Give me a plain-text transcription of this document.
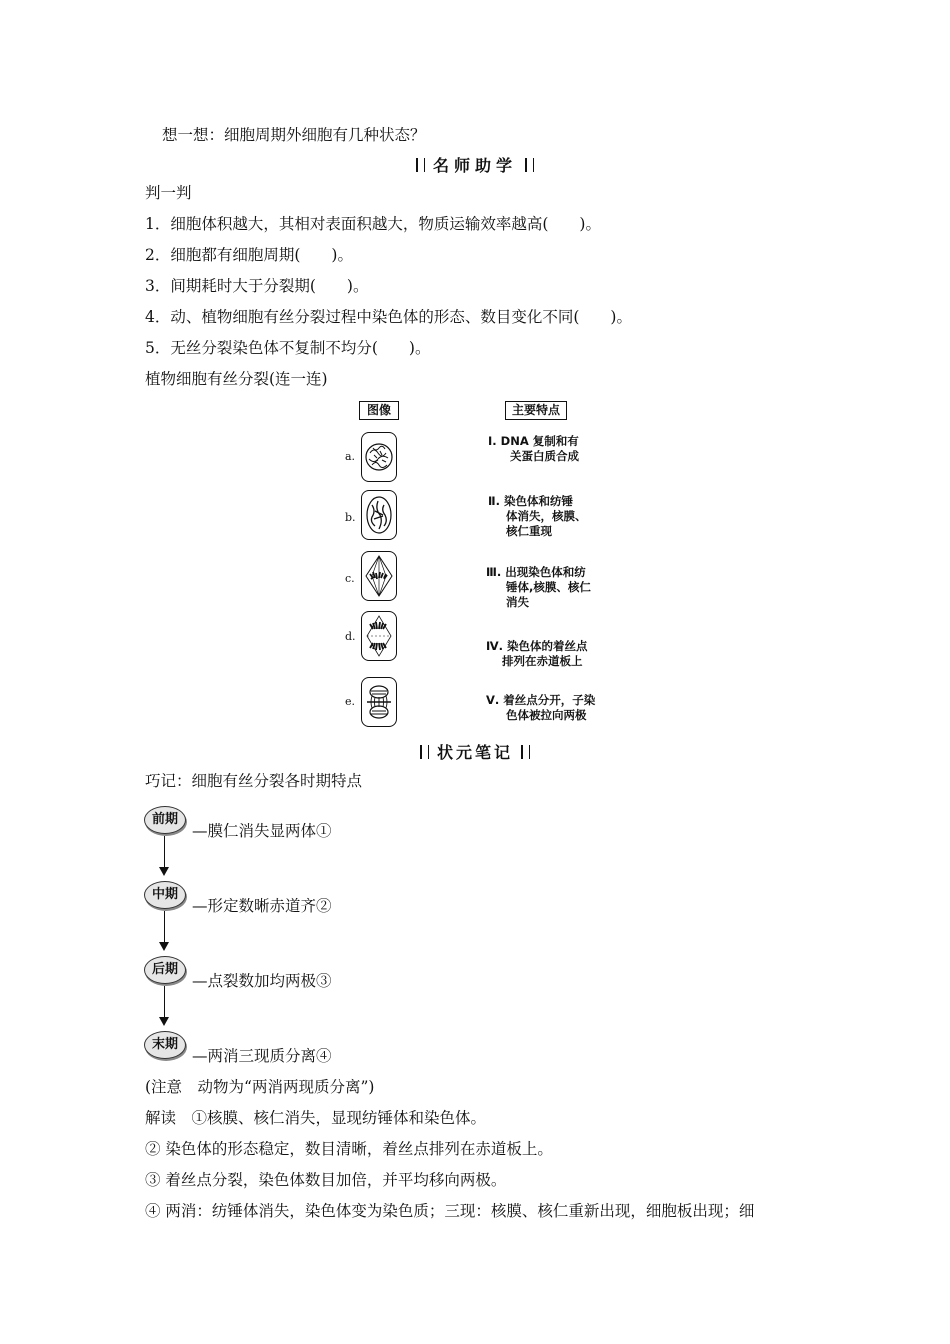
想一想：细胞周期外细胞有几种状态？
名师助学
判一判
1．细胞体积越大，其相对表面积越大，物质运输效率越高(　　)。
2．细胞都有细胞周期(　　)。
3．间期耗时大于分裂期(　　)。
4．动、植物细胞有丝分裂过程中染色体的形态、数目变化不同(　　)。
5．无丝分裂染色体不复制不均分(　　)。
植物细胞有丝分裂(连一连)
图像	主要特点
a.
b.
c.
d.
e.
Ⅰ. DNA 复制和有
关蛋白质合成
Ⅱ. 染色体和纺锤
体消失，核膜、
核仁重现
Ⅲ. 出现染色体和纺
锤体,核膜、核仁
消失
Ⅳ. 染色体的着丝点
排列在赤道板上
Ⅴ. 着丝点分开，子染
色体被拉向两极
状元笔记
巧记：细胞有丝分裂各时期特点
前期
—膜仁消失显两体①
中期
—形定数晰赤道齐②
后期
—点裂数加均两极③
末期
—两消三现质分离④
(注意　动物为“两消两现质分离”)
解读　①核膜、核仁消失，显现纺锤体和染色体。
② 染色体的形态稳定，数目清晰，着丝点排列在赤道板上。
③ 着丝点分裂，染色体数目加倍，并平均移向两极。
④ 两消：纺锤体消失，染色体变为染色质；三现：核膜、核仁重新出现，细胞板出现；细
